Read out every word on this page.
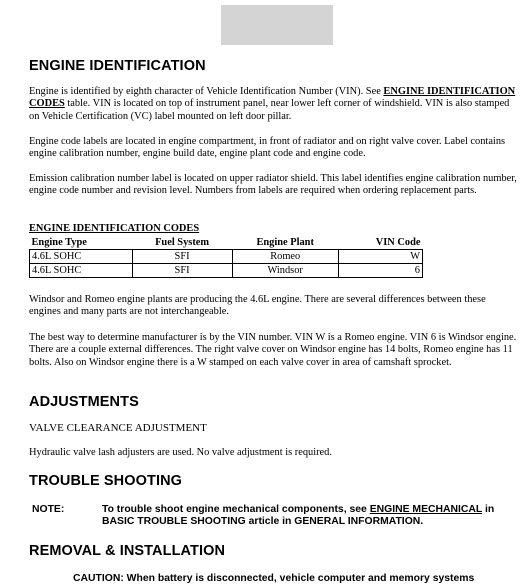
ENGINE IDENTIFICATION

Engine is identified by eighth character of Vehicle Identification Number (VIN). See ENGINE IDENTIFICATION CODES table. VIN is located on top of instrument panel, near lower left corner of windshield. VIN is also stamped on Vehicle Certification (VC) label mounted on left door pillar.

Engine code labels are located in engine compartment, in front of radiator and on right valve cover. Label contains engine calibration number, engine build date, engine plant code and engine code.

Emission calibration number label is located on upper radiator shield. This label identifies engine calibration number, engine code number and revision level. Numbers from labels are required when ordering replacement parts.

ENGINE IDENTIFICATION CODES
Engine Type	Fuel System	Engine Plant	VIN Code
4.6L SOHC	SFI	Romeo	W
4.6L SOHC	SFI	Windsor	6

Windsor and Romeo engine plants are producing the 4.6L engine. There are several differences between these engines and many parts are not interchangeable.

The best way to determine manufacturer is by the VIN number. VIN W is a Romeo engine. VIN 6 is Windsor engine. There are a couple external differences. The right valve cover on Windsor engine has 14 bolts, Romeo engine has 11 bolts. Also on Windsor engine there is a W stamped on each valve cover in area of camshaft sprocket.

ADJUSTMENTS

VALVE CLEARANCE ADJUSTMENT

Hydraulic valve lash adjusters are used. No valve adjustment is required.

TROUBLE SHOOTING
NOTE:	To trouble shoot engine mechanical components, see ENGINE MECHANICAL in BASIC TROUBLE SHOOTING article in GENERAL INFORMATION.

REMOVAL & INSTALLATION
CAUTION: When battery is disconnected, vehicle computer and memory systems
